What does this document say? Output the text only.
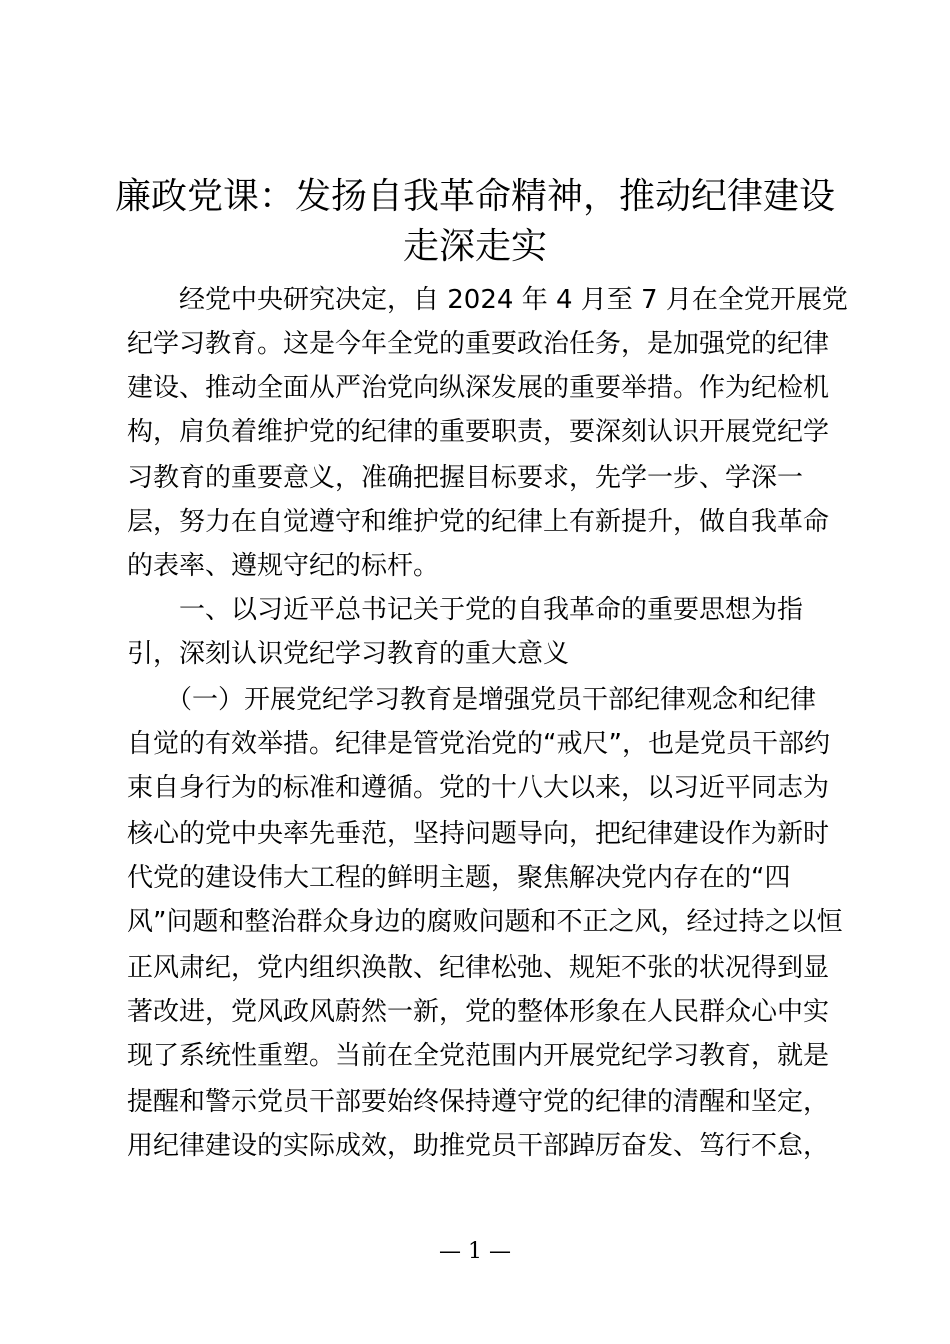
廉政党课：发扬自我革命精神，推动纪律建设
走深走实

　　经党中央研究决定，自 2024 年 4 月至 7 月在全党开展党

纪学习教育。这是今年全党的重要政治任务，是加强党的纪律

建设、推动全面从严治党向纵深发展的重要举措。作为纪检机

构，肩负着维护党的纪律的重要职责，要深刻认识开展党纪学

习教育的重要意义，准确把握目标要求，先学一步、学深一

层，努力在自觉遵守和维护党的纪律上有新提升，做自我革命

的表率、遵规守纪的标杆。

　　一、以习近平总书记关于党的自我革命的重要思想为指

引，深刻认识党纪学习教育的重大意义

　　（一）开展党纪学习教育是增强党员干部纪律观念和纪律

自觉的有效举措。纪律是管党治党的“戒尺”，也是党员干部约

束自身行为的标准和遵循。党的十八大以来，以习近平同志为

核心的党中央率先垂范，坚持问题导向，把纪律建设作为新时

代党的建设伟大工程的鲜明主题，聚焦解决党内存在的“四

风”问题和整治群众身边的腐败问题和不正之风，经过持之以恒

正风肃纪，党内组织涣散、纪律松弛、规矩不张的状况得到显

著改进，党风政风蔚然一新，党的整体形象在人民群众心中实

现了系统性重塑。当前在全党范围内开展党纪学习教育，就是

提醒和警示党员干部要始终保持遵守党的纪律的清醒和坚定，

用纪律建设的实际成效，助推党员干部踔厉奋发、笃行不怠，

— 1 —
